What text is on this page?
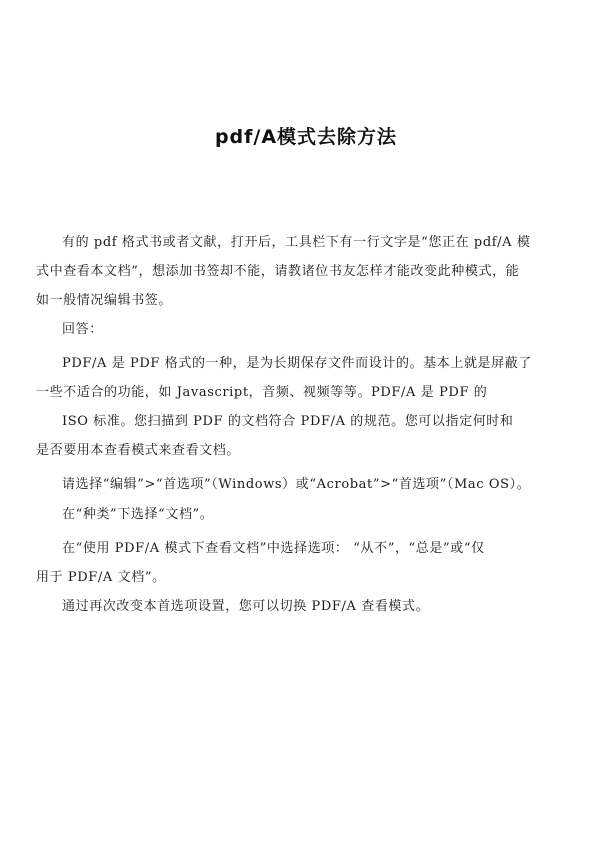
pdf/A模式去除方法
有的 pdf 格式书或者文献，打开后，工具栏下有一行文字是“您正在 pdf/A 模
式中查看本文档”，想添加书签却不能，请教诸位书友怎样才能改变此种模式，能
如一般情况编辑书签。
回答：
PDF/A 是 PDF 格式的一种，是为长期保存文件而设计的。基本上就是屏蔽了
一些不适合的功能，如 Javascript，音频、视频等等。PDF/A 是 PDF 的
ISO 标准。您扫描到 PDF 的文档符合 PDF/A 的规范。您可以指定何时和
是否要用本查看模式来查看文档。
请选择“编辑”>“首选项”（Windows）或“Acrobat”>“首选项”（Mac OS）。
在“种类”下选择“文档”。
在“使用 PDF/A 模式下查看文档”中选择选项： “从不”，“总是”或“仅
用于 PDF/A 文档”。
通过再次改变本首选项设置，您可以切换 PDF/A 查看模式。
